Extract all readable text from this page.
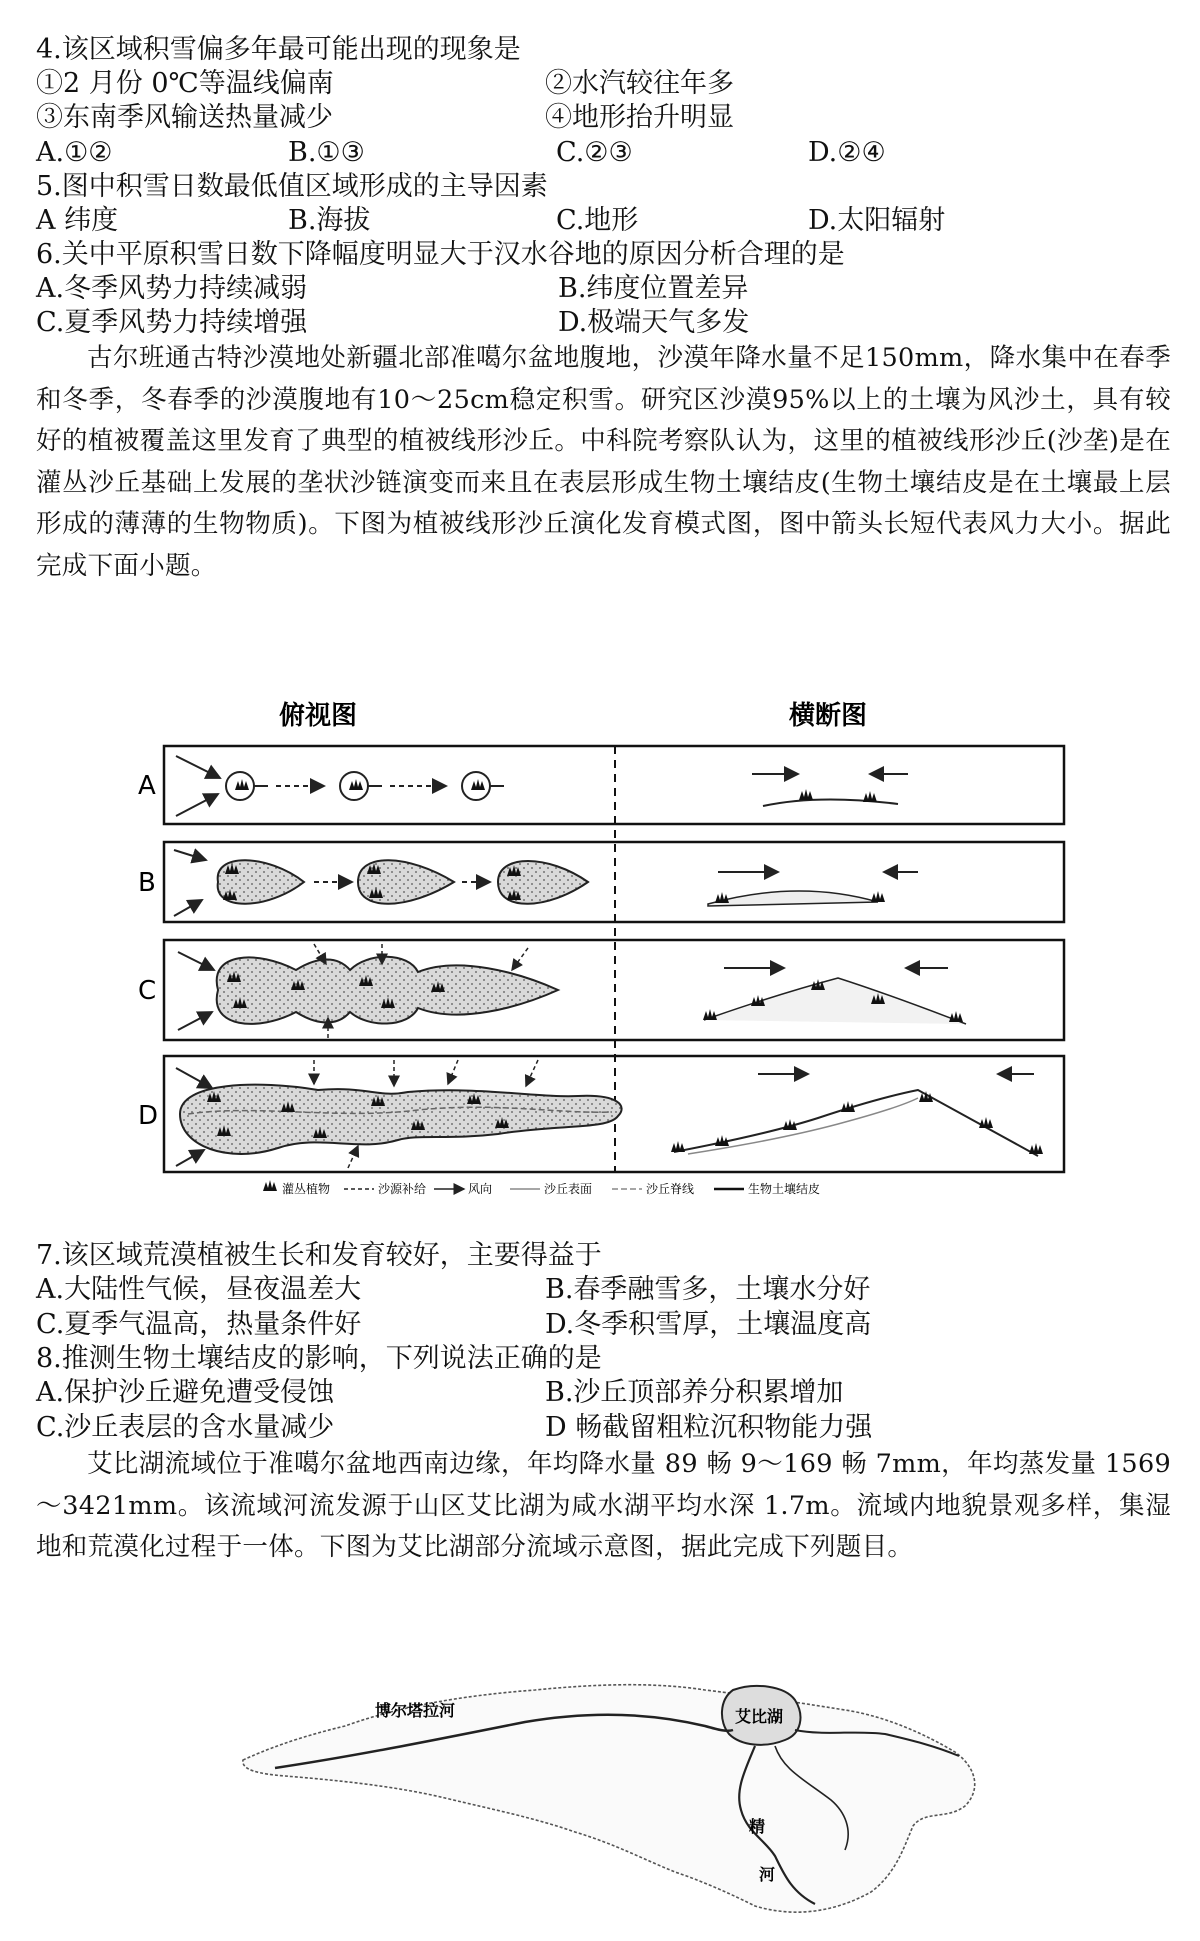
4.该区域积雪偏多年最可能出现的现象是
①2 月份 0℃等温线偏南	②水汽较往年多
③东南季风输送热量减少	④地形抬升明显
A.①②	B.①③	C.②③	D.②④
5.图中积雪日数最低值区域形成的主导因素
A 纬度	B.海拔	C.地形	D.太阳辐射
6.关中平原积雪日数下降幅度明显大于汉水谷地的原因分析合理的是
A.冬季风势力持续减弱	B.纬度位置差异
C.夏季风势力持续增强	D.极端天气多发
古尔班通古特沙漠地处新疆北部准噶尔盆地腹地，沙漠年降水量不足150mm，降水集中在春季和冬季，冬春季的沙漠腹地有10～25cm稳定积雪。研究区沙漠95%以上的土壤为风沙土，具有较好的植被覆盖这里发育了典型的植被线形沙丘。中科院考察队认为，这里的植被线形沙丘(沙垄)是在灌丛沙丘基础上发展的垄状沙链演变而来且在表层形成生物土壤结皮(生物土壤结皮是在土壤最上层形成的薄薄的生物物质)。下图为植被线形沙丘演化发育模式图，图中箭头长短代表风力大小。据此完成下面小题。
俯视图	横断图
A
B
C
D
灌丛植物	沙源补给	风向	沙丘表面	沙丘脊线	生物土壤结皮
7.该区域荒漠植被生长和发育较好，主要得益于
A.大陆性气候，昼夜温差大	B.春季融雪多，土壤水分好
C.夏季气温高，热量条件好	D.冬季积雪厚，土壤温度高
8.推测生物土壤结皮的影响，下列说法正确的是
A.保护沙丘避免遭受侵蚀	B.沙丘顶部养分积累增加
C.沙丘表层的含水量减少	D 畅截留粗粒沉积物能力强
艾比湖流域位于准噶尔盆地西南边缘，年均降水量 89 畅 9～169 畅 7mm，年均蒸发量 1569～3421mm。该流域河流发源于山区艾比湖为咸水湖平均水深 1.7m。流域内地貌景观多样，集湿地和荒漠化过程于一体。下图为艾比湖部分流域示意图，据此完成下列题目。
博尔塔拉河	艾比湖
精
河
